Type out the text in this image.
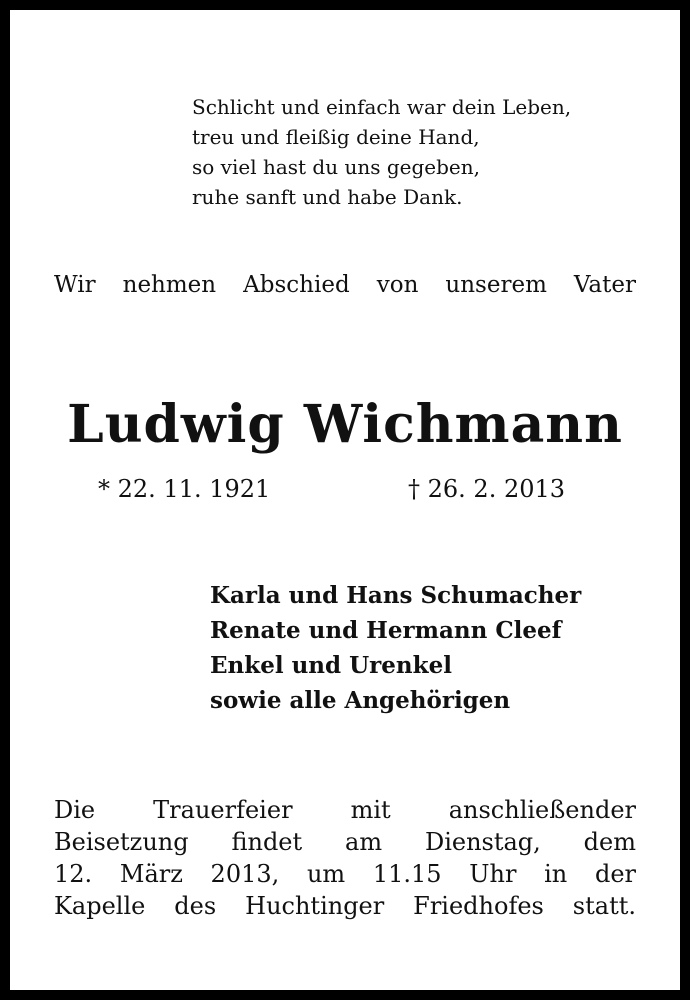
Schlicht und einfach war dein Leben,
treu und fleißig deine Hand,
so viel hast du uns gegeben,
ruhe sanft und habe Dank.
Wir nehmen Abschied von unserem Vater
Ludwig Wichmann
* 22. 11. 1921	† 26. 2. 2013
Karla und Hans Schumacher
Renate und Hermann Cleef
Enkel und Urenkel
sowie alle Angehörigen
Die Trauerfeier mit anschließender
Beisetzung findet am Dienstag, dem
12. März 2013, um 11.15 Uhr in der
Kapelle des Huchtinger Friedhofes statt.
